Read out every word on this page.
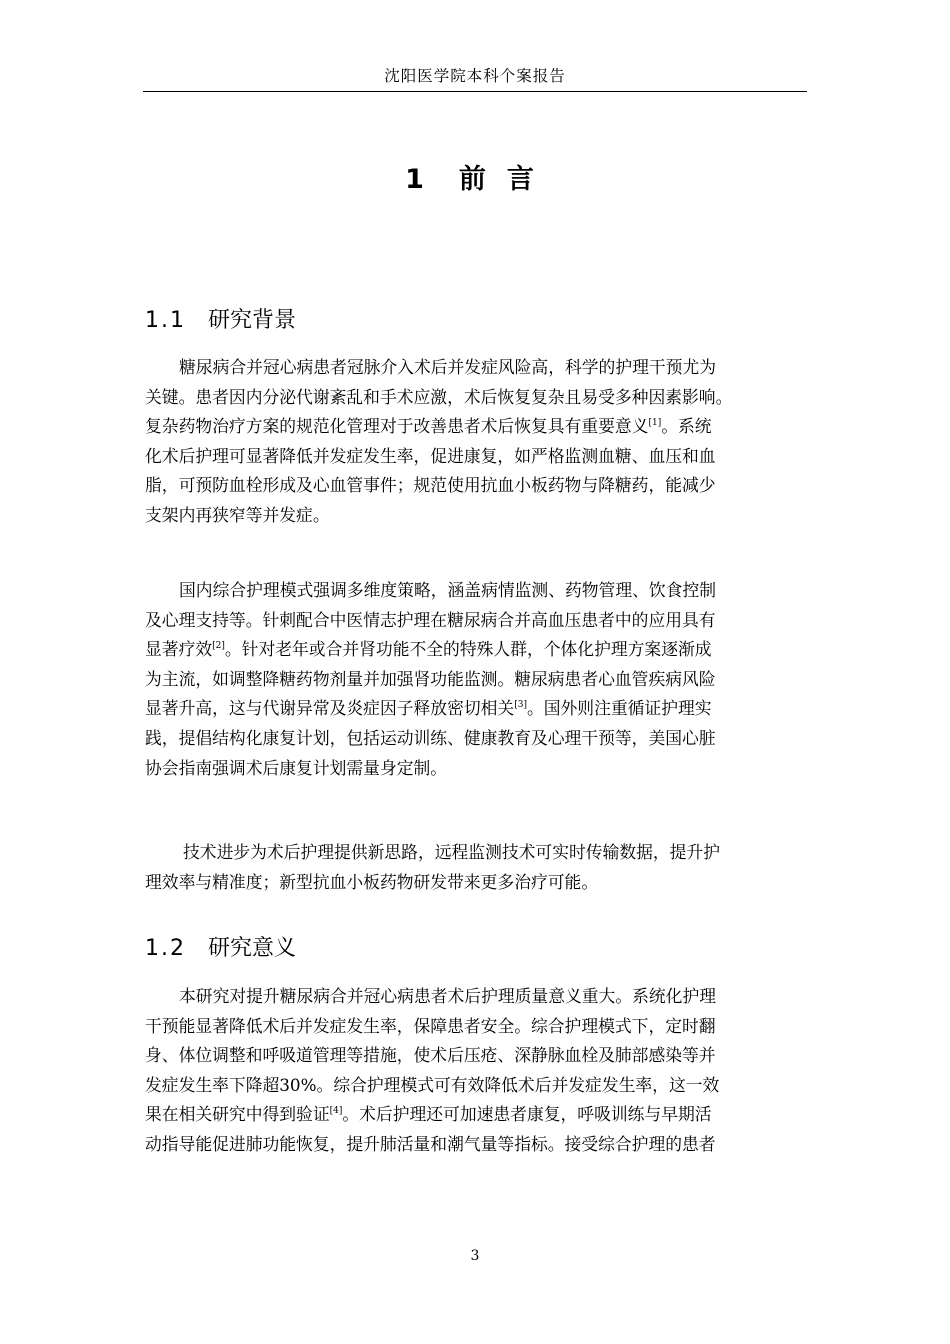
沈阳医学院本科个案报告
1 前 言
1.1 研究背景
糖尿病合并冠心病患者冠脉介入术后并发症风险高，科学的护理干预尤为
关键。患者因内分泌代谢紊乱和手术应激，术后恢复复杂且易受多种因素影响。
复杂药物治疗方案的规范化管理对于改善患者术后恢复具有重要意义[1]。系统
化术后护理可显著降低并发症发生率，促进康复，如严格监测血糖、血压和血
脂，可预防血栓形成及心血管事件；规范使用抗血小板药物与降糖药，能减少
支架内再狭窄等并发症。
国内综合护理模式强调多维度策略，涵盖病情监测、药物管理、饮食控制
及心理支持等。针刺配合中医情志护理在糖尿病合并高血压患者中的应用具有
显著疗效[2]。针对老年或合并肾功能不全的特殊人群，个体化护理方案逐渐成
为主流，如调整降糖药物剂量并加强肾功能监测。糖尿病患者心血管疾病风险
显著升高，这与代谢异常及炎症因子释放密切相关[3]。国外则注重循证护理实
践，提倡结构化康复计划，包括运动训练、健康教育及心理干预等，美国心脏
协会指南强调术后康复计划需量身定制。
技术进步为术后护理提供新思路，远程监测技术可实时传输数据，提升护
理效率与精准度；新型抗血小板药物研发带来更多治疗可能。
1.2 研究意义
本研究对提升糖尿病合并冠心病患者术后护理质量意义重大。系统化护理
干预能显著降低术后并发症发生率，保障患者安全。综合护理模式下，定时翻
身、体位调整和呼吸道管理等措施，使术后压疮、深静脉血栓及肺部感染等并
发症发生率下降超30%。综合护理模式可有效降低术后并发症发生率，这一效
果在相关研究中得到验证[4]。术后护理还可加速患者康复，呼吸训练与早期活
动指导能促进肺功能恢复，提升肺活量和潮气量等指标。接受综合护理的患者
3
